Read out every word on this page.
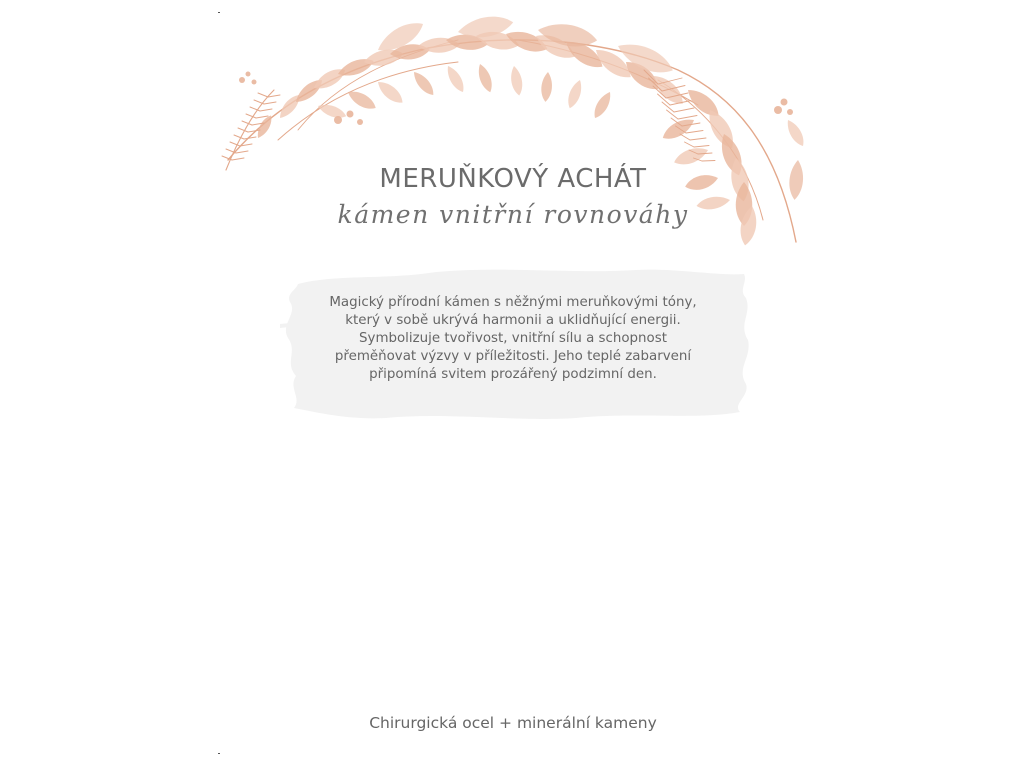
MERUŇKOVÝ ACHÁT

kámen vnitřní rovnováhy

Magický přírodní kámen s něžnými meruňkovými tóny,
který v sobě ukrývá harmonii a uklidňující energii.
Symbolizuje tvořivost, vnitřní sílu a schopnost
přeměňovat výzvy v příležitosti. Jeho teplé zabarvení
připomíná svitem prozářený podzimní den.

Chirurgická ocel + minerální kameny
